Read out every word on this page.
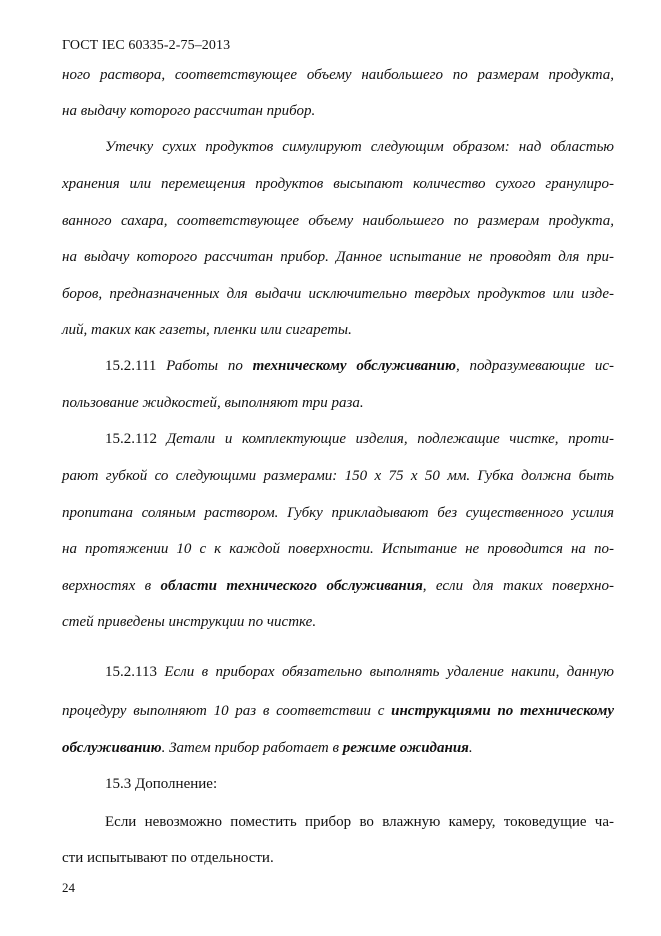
ГОСТ IEC 60335-2-75–2013
ного раствора, соответствующее объему наибольшего по размерам продукта,
на выдачу которого рассчитан прибор.
Утечку сухих продуктов симулируют следующим образом: над областью
хранения или перемещения продуктов высыпают количество сухого гранулиро-
ванного сахара, соответствующее объему наибольшего по размерам продукта,
на выдачу которого рассчитан прибор. Данное испытание не проводят для при-
боров, предназначенных для выдачи исключительно твердых продуктов или изде-
лий, таких как газеты, пленки или сигареты.
15.2.111 Работы по техническому обслуживанию, подразумевающие ис-
пользование жидкостей, выполняют три раза.
15.2.112 Детали и комплектующие изделия, подлежащие чистке, проти-
рают губкой со следующими размерами: 150 х 75 х 50 мм. Губка должна быть
пропитана соляным раствором. Губку прикладывают без существенного усилия
на протяжении 10 с к каждой поверхности. Испытание не проводится на по-
верхностях в области технического обслуживания, если для таких поверхно-
стей приведены инструкции по чистке.
15.2.113 Если в приборах обязательно выполнять удаление накипи, данную
процедуру выполняют 10 раз в соответствии с инструкциями по техническому
обслуживанию. Затем прибор работает в режиме ожидания.
15.3 Дополнение:
Если невозможно поместить прибор во влажную камеру, токоведущие ча-
сти испытывают по отдельности.
24
